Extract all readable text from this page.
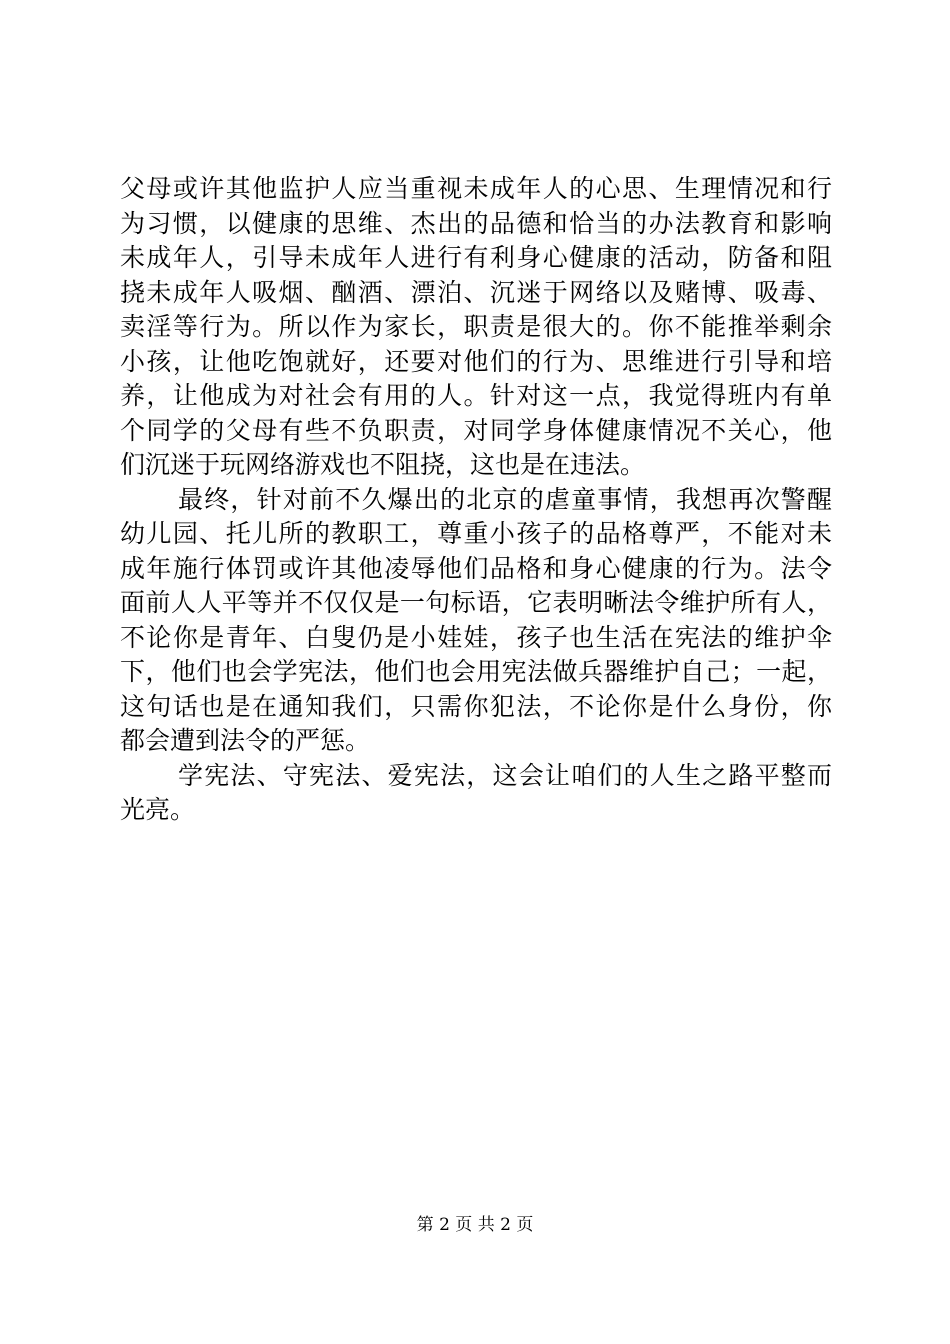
父母或许其他监护人应当重视未成年人的心思、生理情况和行
为习惯，以健康的思维、杰出的品德和恰当的办法教育和影响
未成年人，引导未成年人进行有利身心健康的活动，防备和阻
挠未成年人吸烟、酗酒、漂泊、沉迷于网络以及赌博、吸毒、
卖淫等行为。所以作为家长，职责是很大的。你不能推举剩余
小孩，让他吃饱就好，还要对他们的行为、思维进行引导和培
养，让他成为对社会有用的人。针对这一点，我觉得班内有单
个同学的父母有些不负职责，对同学身体健康情况不关心，他
们沉迷于玩网络游戏也不阻挠，这也是在违法。
最终，针对前不久爆出的北京的虐童事情，我想再次警醒
幼儿园、托儿所的教职工，尊重小孩子的品格尊严，不能对未
成年施行体罚或许其他凌辱他们品格和身心健康的行为。法令
面前人人平等并不仅仅是一句标语，它表明晰法令维护所有人，
不论你是青年、白叟仍是小娃娃，孩子也生活在宪法的维护伞
下，他们也会学宪法，他们也会用宪法做兵器维护自己；一起，
这句话也是在通知我们，只需你犯法，不论你是什么身份，你
都会遭到法令的严惩。
学宪法、守宪法、爱宪法，这会让咱们的人生之路平整而
光亮。
第 2 页 共 2 页
